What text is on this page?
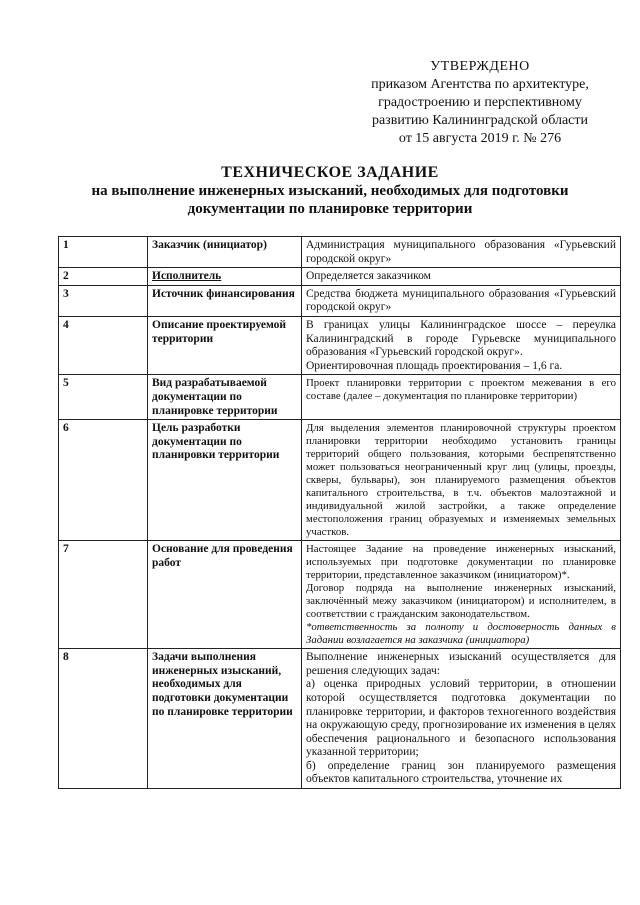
УТВЕРЖДЕНО
приказом Агентства по архитектуре,
градостроению и перспективному
развитию Калининградской области
от 15 августа 2019 г. № 276
ТЕХНИЧЕСКОЕ ЗАДАНИЕ
на выполнение инженерных изысканий, необходимых для подготовки
документации по планировке территории
1	Заказчик (инициатор)	Администрация муниципального образования «Гурьевский городской округ»

2	Исполнитель	Определяется заказчиком

3	Источник финансирования	Средства бюджета муниципального образования «Гурьевский городской округ»

4	Описание проектируемой территории	В границах улицы Калининградское шоссе – переулка Калининградский в городе Гурьевске муниципального образования «Гурьевский городской округ».

Ориентировочная площадь проектирования – 1,6 га.

5	Вид разрабатываемой документации по планировке территории	Проект планировки территории с проектом межевания в его составе (далее – документация по планировке территории)

6	Цель разработки документации по планировки территории	Для выделения элементов планировочной структуры проектом планировки территории необходимо установить границы территорий общего пользования, которыми беспрепятственно может пользоваться неограниченный круг лиц (улицы, проезды, скверы, бульвары), зон планируемого размещения объектов капитального строительства, в т.ч. объектов малоэтажной и индивидуальной жилой застройки, а также определение местоположения границ образуемых и изменяемых земельных участков.

7	Основание для проведения работ	Настоящее Задание на проведение инженерных изысканий, используемых при подготовке документации по планировке территории, представленное заказчиком (инициатором)*.

Договор подряда на выполнение инженерных изысканий, заключённый межу заказчиком (инициатором) и исполнителем, в соответствии с гражданским законодательством.

*ответственность за полноту и достоверность данных в Задании возлагается на заказчика (инициатора)

8	Задачи выполнения инженерных изысканий, необходимых для подготовки документации по планировке территории	Выполнение инженерных изысканий осуществляется для решения следующих задач:

а) оценка природных условий территории, в отношении которой осуществляется подготовка документации по планировке территории, и факторов техногенного воздействия на окружающую среду, прогнозирование их изменения в целях обеспечения рационального и безопасного использования указанной территории;

б) определение границ зон планируемого размещения объектов капитального строительства, уточнение их
